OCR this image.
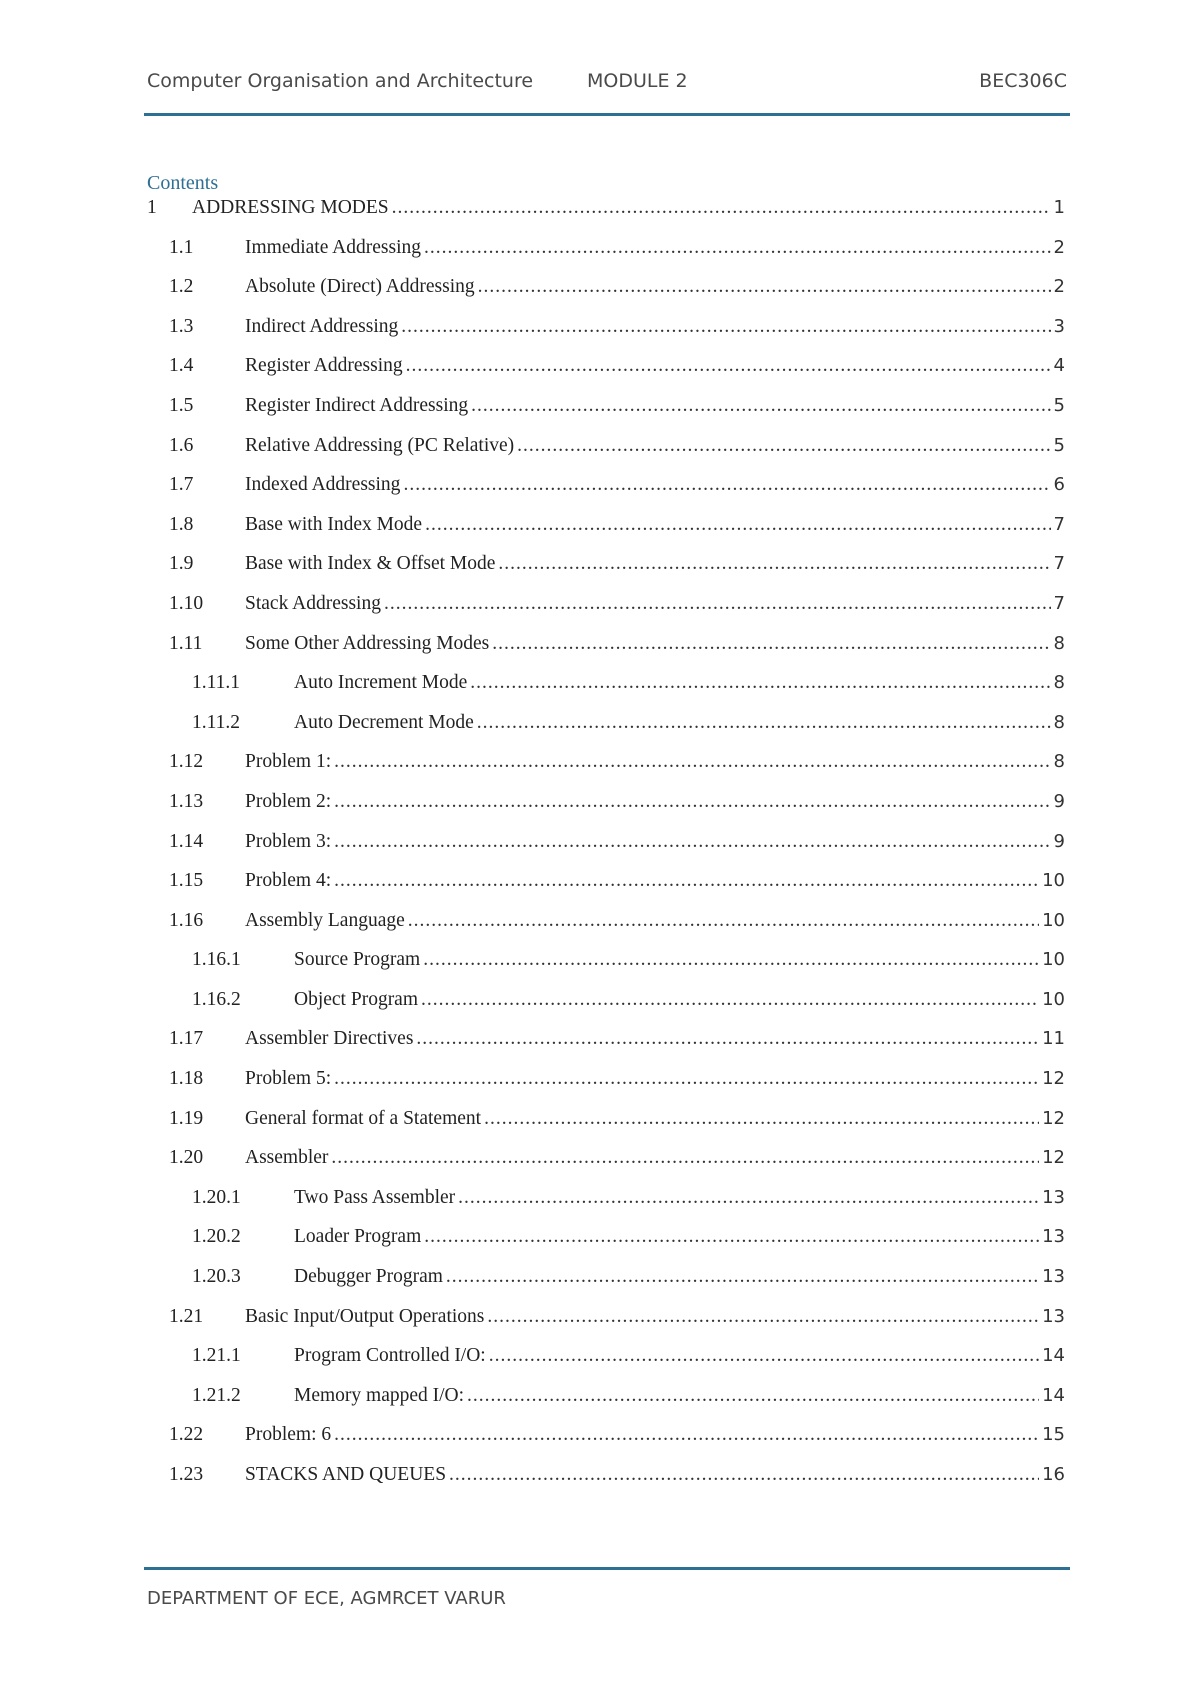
Computer Organisation and Architecture	MODULE 2	BEC306C
Contents
1	ADDRESSING MODES .....	1
1.1	Immediate Addressing .....	2
1.2	Absolute (Direct) Addressing .....	2
1.3	Indirect Addressing .....	3
1.4	Register Addressing .....	4
1.5	Register Indirect Addressing .....	5
1.6	Relative Addressing (PC Relative) .....	5
1.7	Indexed Addressing .....	6
1.8	Base with Index Mode .....	7
1.9	Base with Index & Offset Mode .....	7
1.10	Stack Addressing .....	7
1.11	Some Other Addressing Modes .....	8
1.11.1	Auto Increment Mode .....	8
1.11.2	Auto Decrement Mode .....	8
1.12	Problem 1: .....	8
1.13	Problem 2: .....	9
1.14	Problem 3: .....	9
1.15	Problem 4: .....	10
1.16	Assembly Language .....	10
1.16.1	Source Program .....	10
1.16.2	Object Program .....	10
1.17	Assembler Directives .....	11
1.18	Problem 5: .....	12
1.19	General format of a Statement .....	12
1.20	Assembler .....	12
1.20.1	Two Pass Assembler .....	13
1.20.2	Loader Program .....	13
1.20.3	Debugger Program .....	13
1.21	Basic Input/Output Operations .....	13
1.21.1	Program Controlled I/O: .....	14
1.21.2	Memory mapped I/O: .....	14
1.22	Problem: 6 .....	15
1.23	STACKS AND QUEUES .....	16
DEPARTMENT OF ECE, AGMRCET VARUR
